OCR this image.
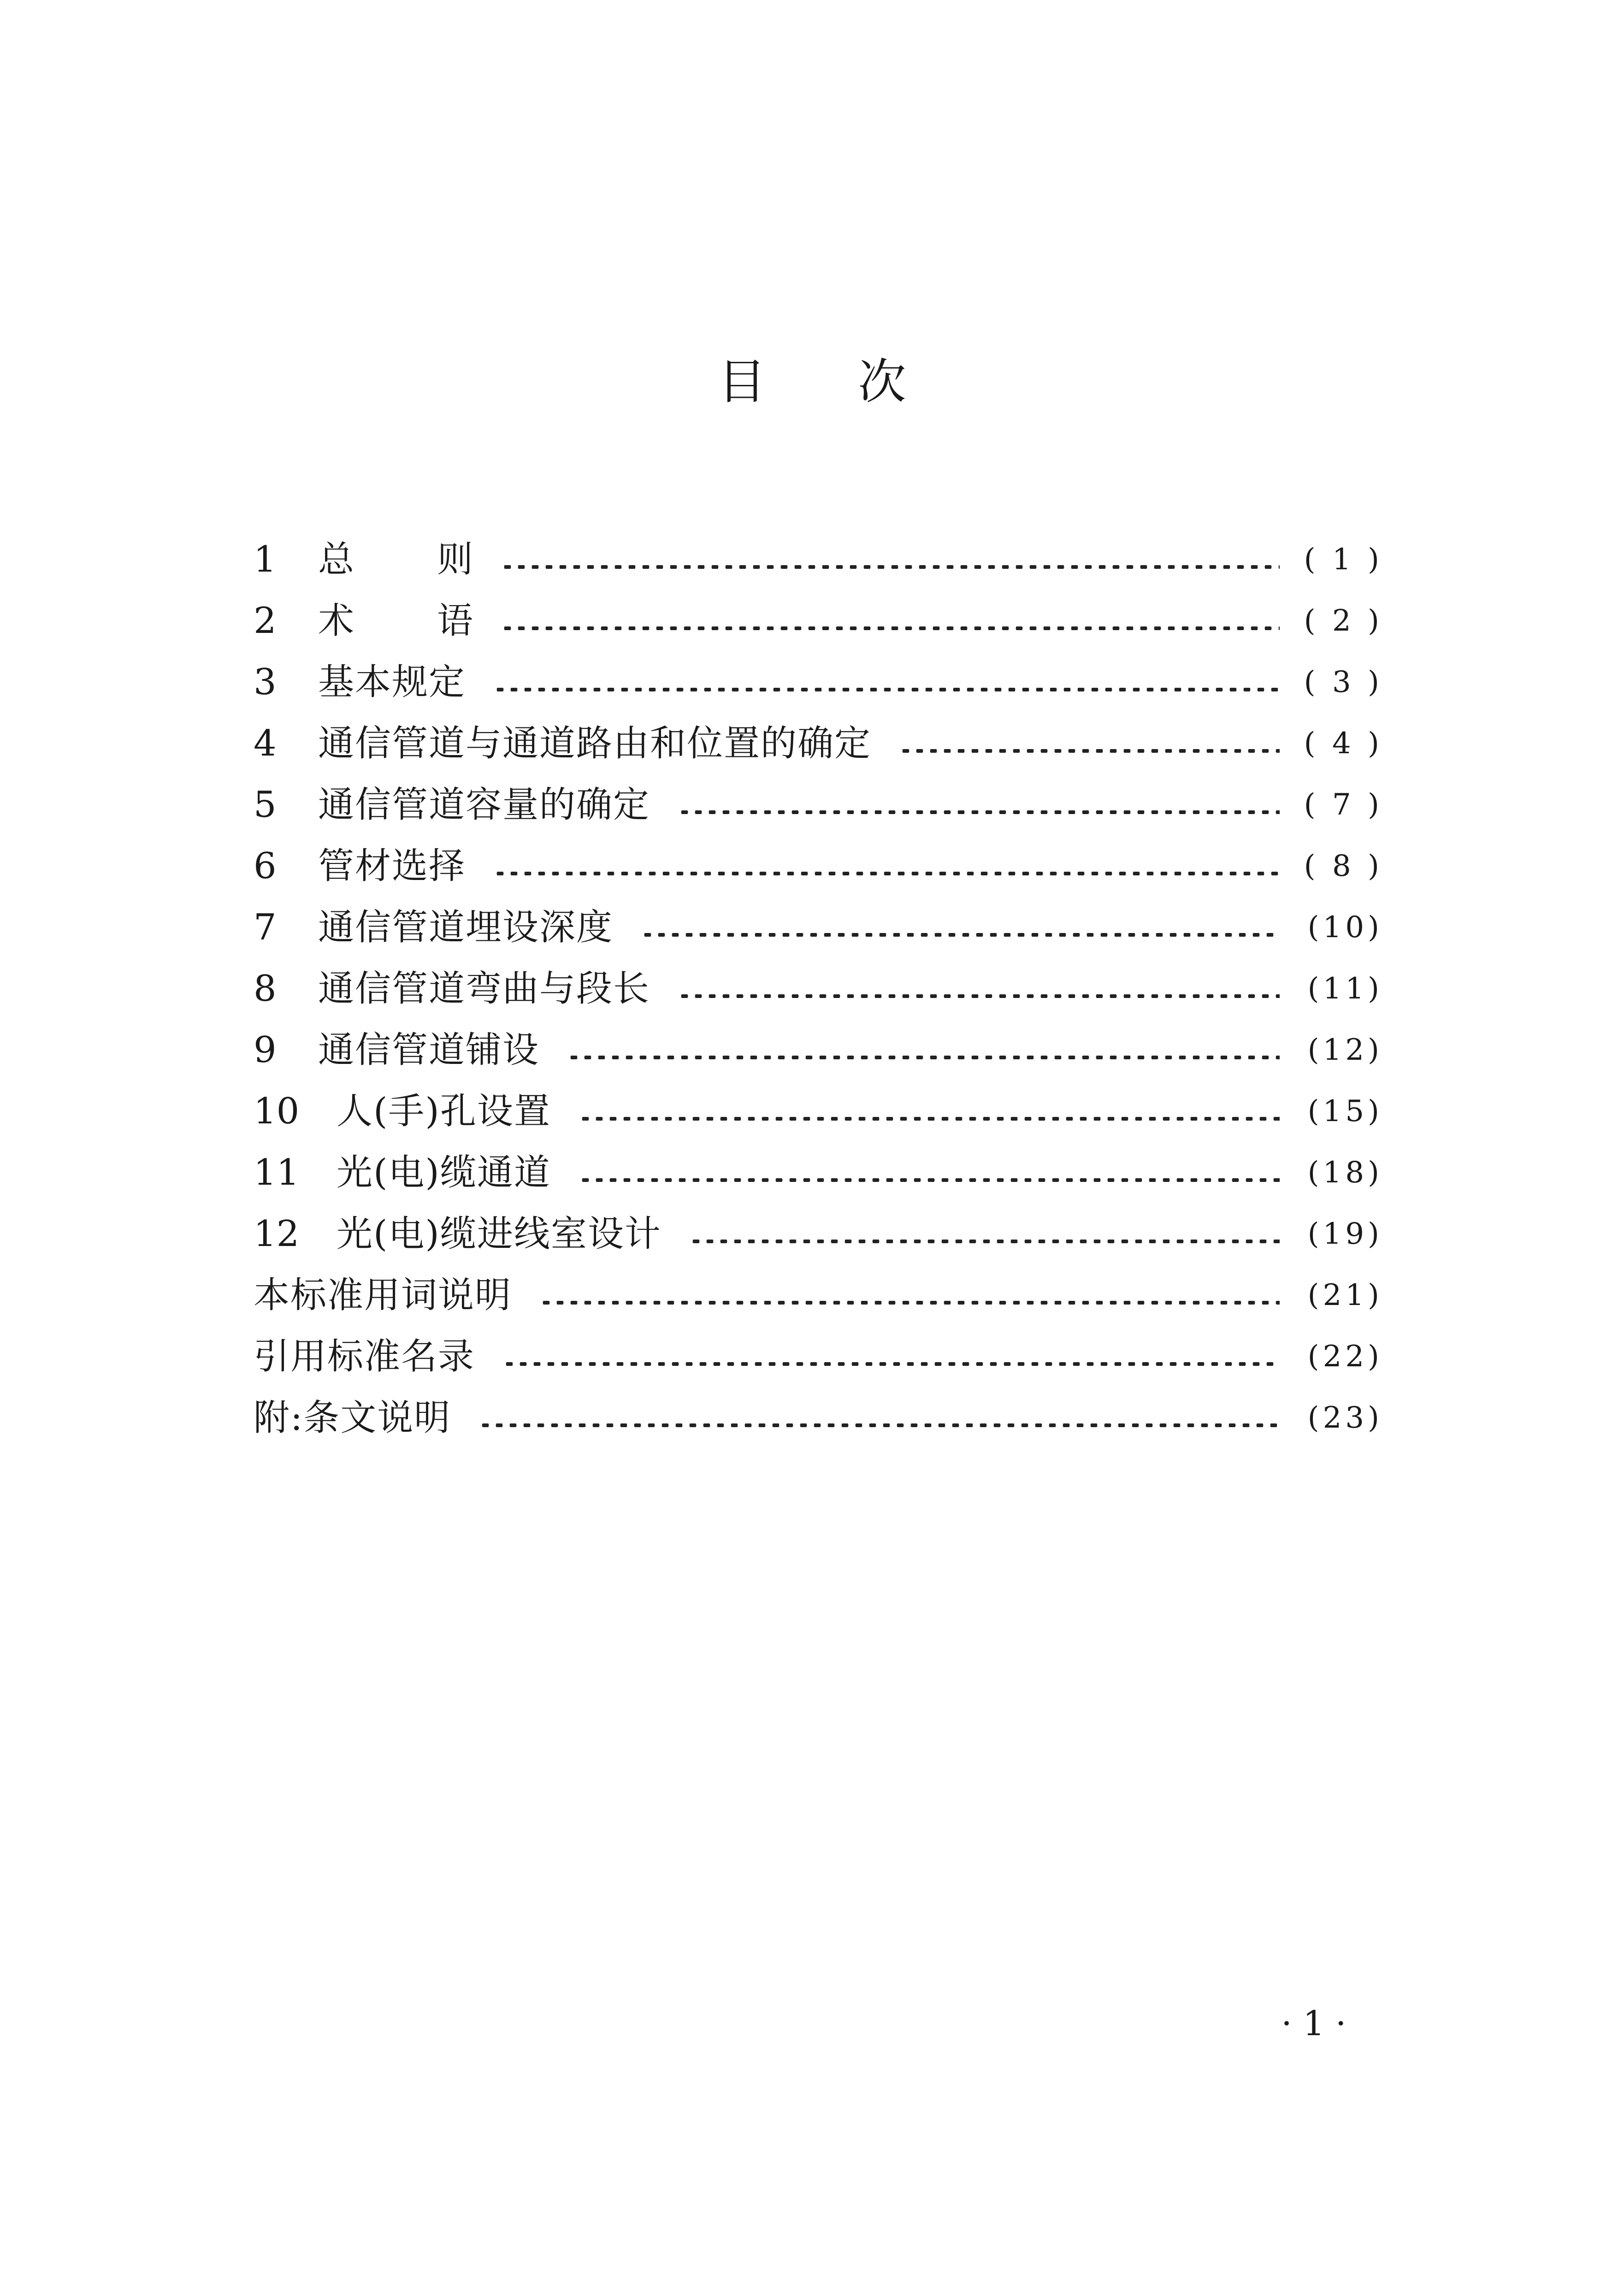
目 次
1	总 则	( 1 )
2	术 语	( 2 )
3	基本规定	( 3 )
4	通信管道与通道路由和位置的确定	( 4 )
5	通信管道容量的确定	( 7 )
6	管材选择	( 8 )
7	通信管道埋设深度	(10)
8	通信管道弯曲与段长	(11)
9	通信管道铺设	(12)
10	人(手)孔设置	(15)
11	光(电)缆通道	(18)
12	光(电)缆进线室设计	(19)
本标准用词说明	(21)
引用标准名录	(22)
附:条文说明	(23)
· 1 ·
